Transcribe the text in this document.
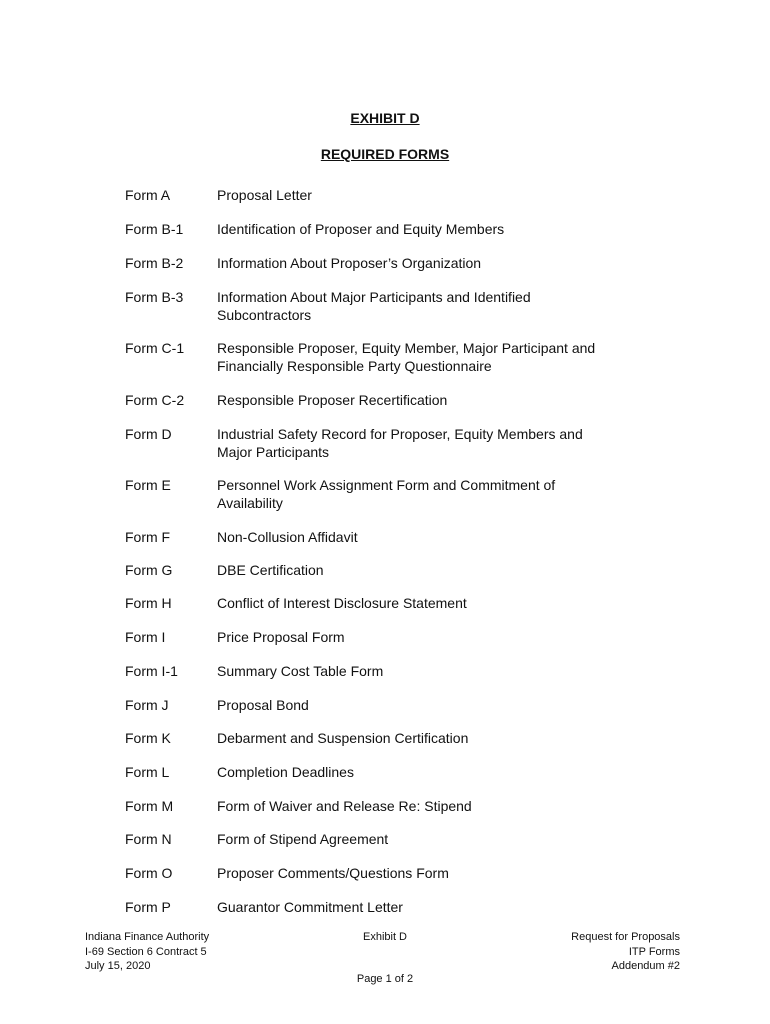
EXHIBIT D
REQUIRED FORMS
Form A	Proposal Letter
Form B-1 Identification of Proposer and Equity Members
Form B-2 Information About Proposer’s Organization
Form B-3 Information About Major Participants and Identified
Subcontractors
Form C-1 Responsible Proposer, Equity Member, Major Participant and
Financially Responsible Party Questionnaire
Form C-2 Responsible Proposer Recertification
Form D	Industrial Safety Record for Proposer, Equity Members and
Major Participants
Form E	Personnel Work Assignment Form and Commitment of
Availability
Form F	Non-Collusion Affidavit
Form G	DBE Certification
Form H	Conflict of Interest Disclosure Statement
Form I	Price Proposal Form
Form I-1	Summary Cost Table Form
Form J	Proposal Bond
Form K	Debarment and Suspension Certification
Form L	Completion Deadlines
Form M	Form of Waiver and Release Re: Stipend
Form N	Form of Stipend Agreement
Form O	Proposer Comments/Questions Form
Form P	Guarantor Commitment Letter
Indiana Finance Authority
I-69 Section 6 Contract 5
July 15, 2020
Exhibit D	Request for Proposals
ITP Forms
Addendum #2
Page 1 of 2
